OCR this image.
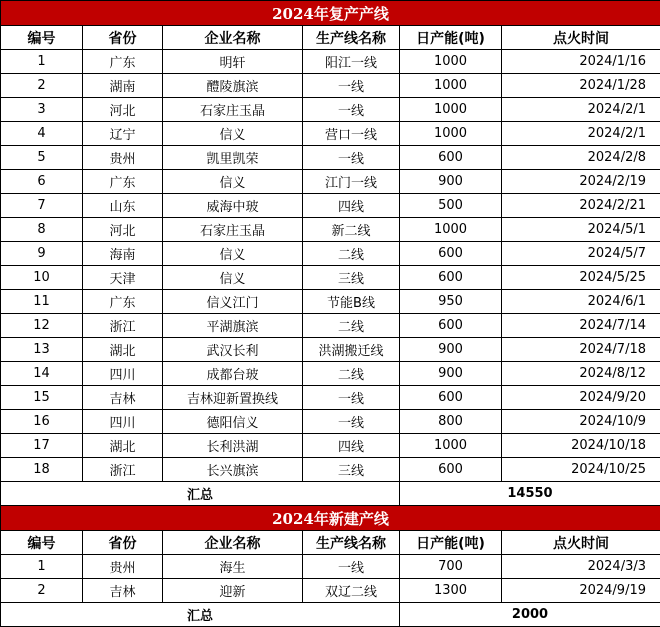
2024年复产产线					
编号	省份	企业名称	生产线名称	日产能(吨)	点火时间
1	广东	明轩	阳江一线	1000	2024/1/16
2	湖南	醴陵旗滨	一线	1000	2024/1/28
3	河北	石家庄玉晶	一线	1000	2024/2/1
4	辽宁	信义	营口一线	1000	2024/2/1
5	贵州	凯里凯荣	一线	600	2024/2/8
6	广东	信义	江门一线	900	2024/2/19
7	山东	威海中玻	四线	500	2024/2/21
8	河北	石家庄玉晶	新二线	1000	2024/5/1
9	海南	信义	二线	600	2024/5/7
10	天津	信义	三线	600	2024/5/25
11	广东	信义江门	节能B线	950	2024/6/1
12	浙江	平湖旗滨	二线	600	2024/7/14
13	湖北	武汉长利	洪湖搬迁线	900	2024/7/18
14	四川	成都台玻	二线	900	2024/8/12
15	吉林	吉林迎新置换线	一线	600	2024/9/20
16	四川	德阳信义	一线	800	2024/10/9
17	湖北	长利洪湖	四线	1000	2024/10/18
18	浙江	长兴旗滨	三线	600	2024/10/25
汇总				14550	
2024年新建产线					
编号	省份	企业名称	生产线名称	日产能(吨)	点火时间
1	贵州	海生	一线	700	2024/3/3
2	吉林	迎新	双辽二线	1300	2024/9/19
汇总				2000	
